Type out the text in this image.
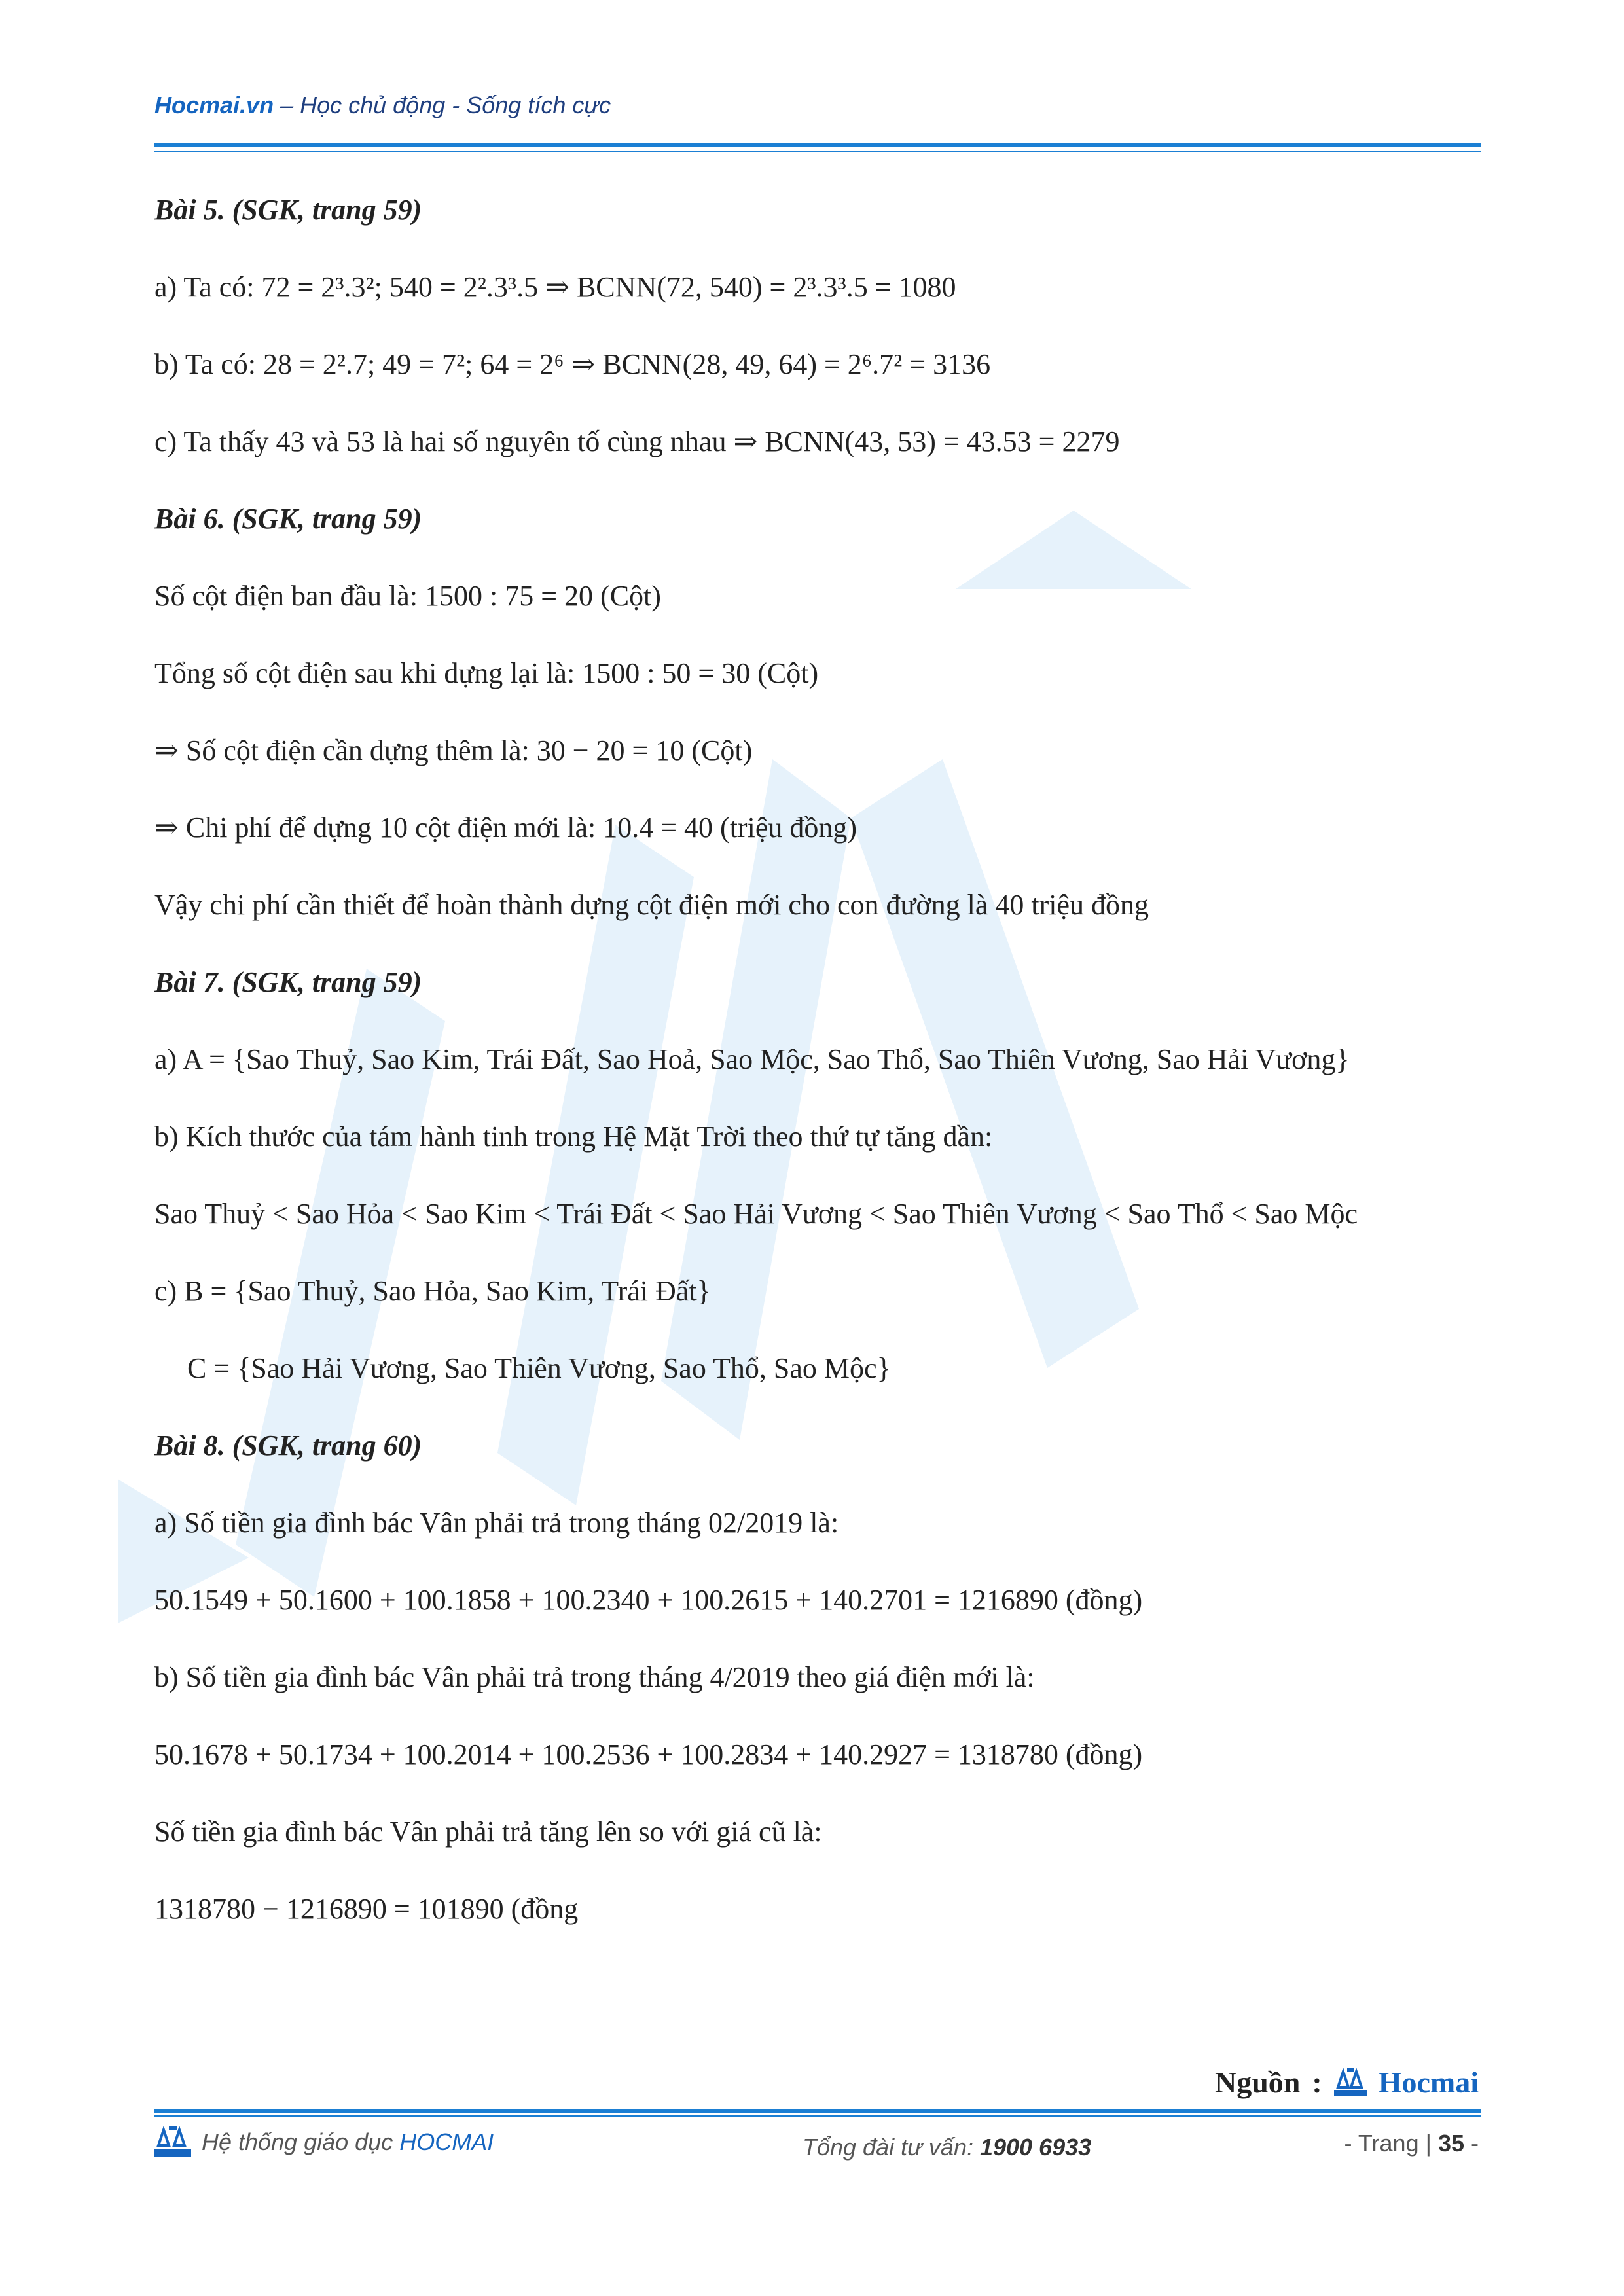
Hocmai.vn – Học chủ động - Sống tích cực

Bài 5. (SGK, trang 59)

a) Ta có: 72 = 2³.3²; 540 = 2².3³.5 ⇒ BCNN(72, 540) = 2³.3³.5 = 1080

b) Ta có: 28 = 2².7; 49 = 7²; 64 = 2⁶ ⇒ BCNN(28, 49, 64) = 2⁶.7² = 3136

c) Ta thấy 43 và 53 là hai số nguyên tố cùng nhau ⇒ BCNN(43, 53) = 43.53 = 2279

Bài 6. (SGK, trang 59)

Số cột điện ban đầu là: 1500 : 75 = 20 (Cột)

Tổng số cột điện sau khi dựng lại là: 1500 : 50 = 30 (Cột)

⇒ Số cột điện cần dựng thêm là: 30 − 20 = 10 (Cột)

⇒ Chi phí để dựng 10 cột điện mới là: 10.4 = 40 (triệu đồng)

Vậy chi phí cần thiết để hoàn thành dựng cột điện mới cho con đường là 40 triệu đồng

Bài 7. (SGK, trang 59)

a) A = {Sao Thuỷ, Sao Kim, Trái Đất, Sao Hoả, Sao Mộc, Sao Thổ, Sao Thiên Vương, Sao Hải Vương}

b) Kích thước của tám hành tinh trong Hệ Mặt Trời theo thứ tự tăng dần:

Sao Thuỷ < Sao Hỏa < Sao Kim < Trái Đất < Sao Hải Vương < Sao Thiên Vương < Sao Thổ < Sao Mộc

c) B = {Sao Thuỷ, Sao Hỏa, Sao Kim, Trái Đất}

C = {Sao Hải Vương, Sao Thiên Vương, Sao Thổ, Sao Mộc}

Bài 8. (SGK, trang 60)

a) Số tiền gia đình bác Vân phải trả trong tháng 02/2019 là:

50.1549 + 50.1600 + 100.1858 + 100.2340 + 100.2615 + 140.2701 = 1216890 (đồng)

b) Số tiền gia đình bác Vân phải trả trong tháng 4/2019 theo giá điện mới là:

50.1678 + 50.1734 + 100.2014 + 100.2536 + 100.2834 + 140.2927 = 1318780 (đồng)

Số tiền gia đình bác Vân phải trả tăng lên so với giá cũ là:

1318780 − 1216890 = 101890 (đồng

Nguồn : Hocmai
Hệ thống giáo dục HOCMAI	Tổng đài tư vấn: 1900 6933	- Trang | 35 -
